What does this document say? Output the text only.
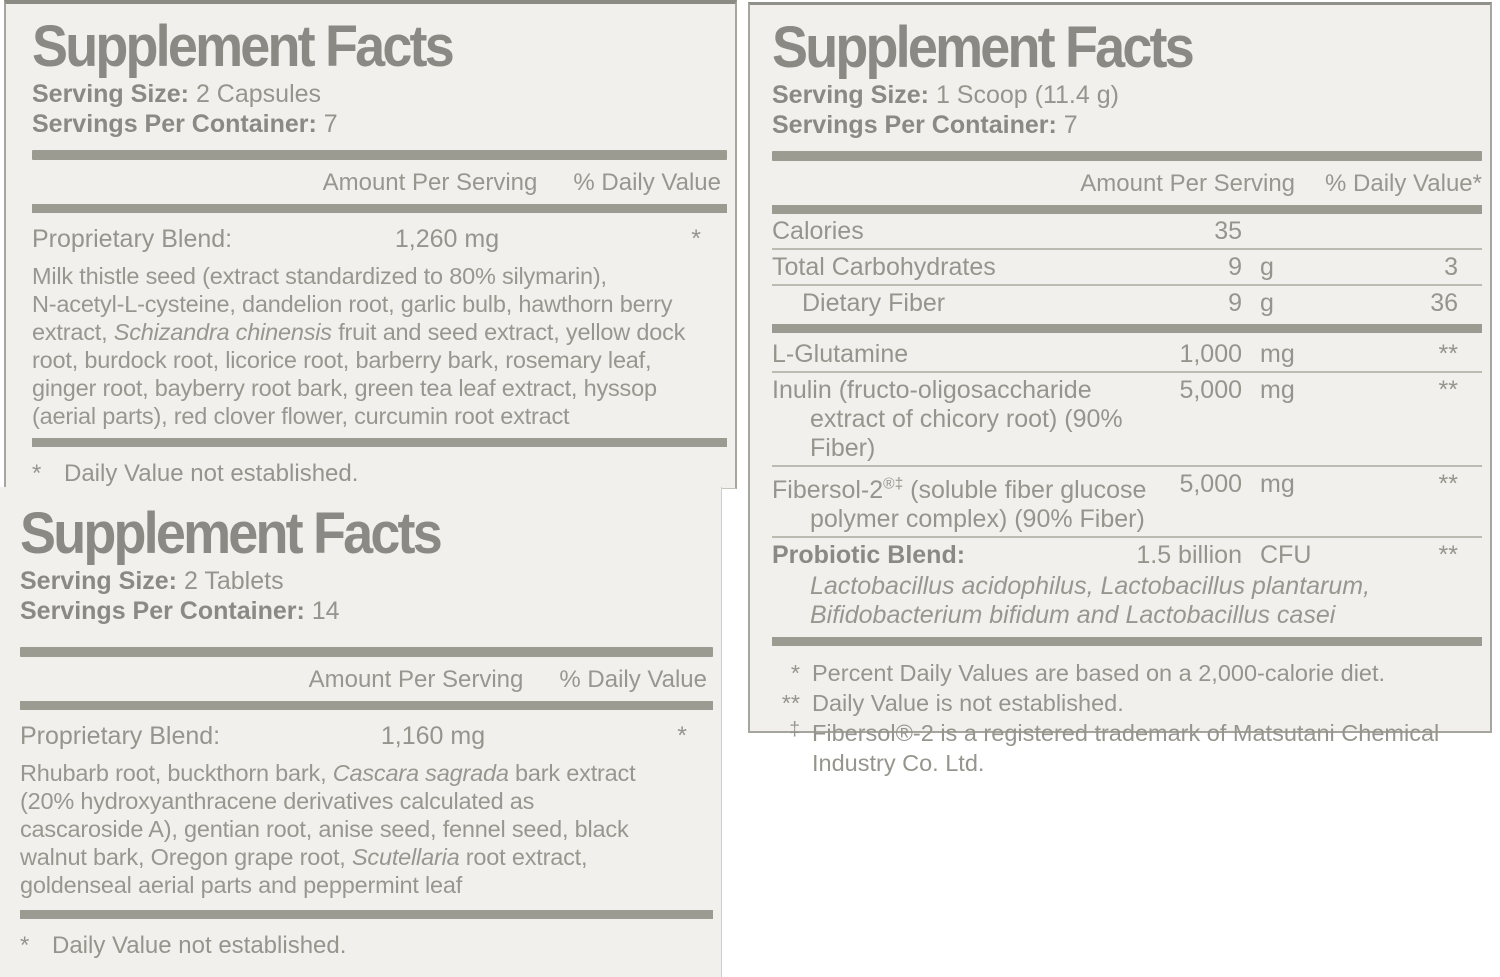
Supplement Facts
Serving Size: 2 Capsules
Servings Per Container: 7
Amount Per Serving % Daily Value
Proprietary Blend:	1,260 mg	*
Milk thistle seed (extract standardized to 80% silymarin),
N-acetyl-L-cysteine, dandelion root, garlic bulb, hawthorn berry
extract, Schizandra chinensis fruit and seed extract, yellow dock
root, burdock root, licorice root, barberry bark, rosemary leaf,
ginger root, bayberry root bark, green tea leaf extract, hyssop
(aerial parts), red clover flower, curcumin root extract
* Daily Value not established.
Supplement Facts
Serving Size: 2 Tablets
Servings Per Container: 14
Amount Per Serving % Daily Value
Proprietary Blend:	1,160 mg	*
Rhubarb root, buckthorn bark, Cascara sagrada bark extract
(20% hydroxyanthracene derivatives calculated as
cascaroside A), gentian root, anise seed, fennel seed, black
walnut bark, Oregon grape root, Scutellaria root extract,
goldenseal aerial parts and peppermint leaf
* Daily Value not established.
Supplement Facts
Serving Size: 1 Scoop (11.4 g)
Servings Per Container: 7
Amount Per Serving % Daily Value*
Calories	35
Total Carbohydrates	9 g	3
Dietary Fiber	9 g	36
L-Glutamine	1,000 mg	**
Inulin (fructo-oligosaccharide
extract of chicory root) (90% Fiber)
5,000 mg	**
Fibersol-2®‡ (soluble fiber glucose
polymer complex) (90% Fiber)
5,000 mg	**
Probiotic Blend:	1.5 billion CFU	**
Lactobacillus acidophilus, Lactobacillus plantarum,
Bifidobacterium bifidum and Lactobacillus casei
* Percent Daily Values are based on a 2,000-calorie diet.
** Daily Value is not established.
‡ Fibersol®-2 is a registered trademark of Matsutani Chemical Industry Co. Ltd.
